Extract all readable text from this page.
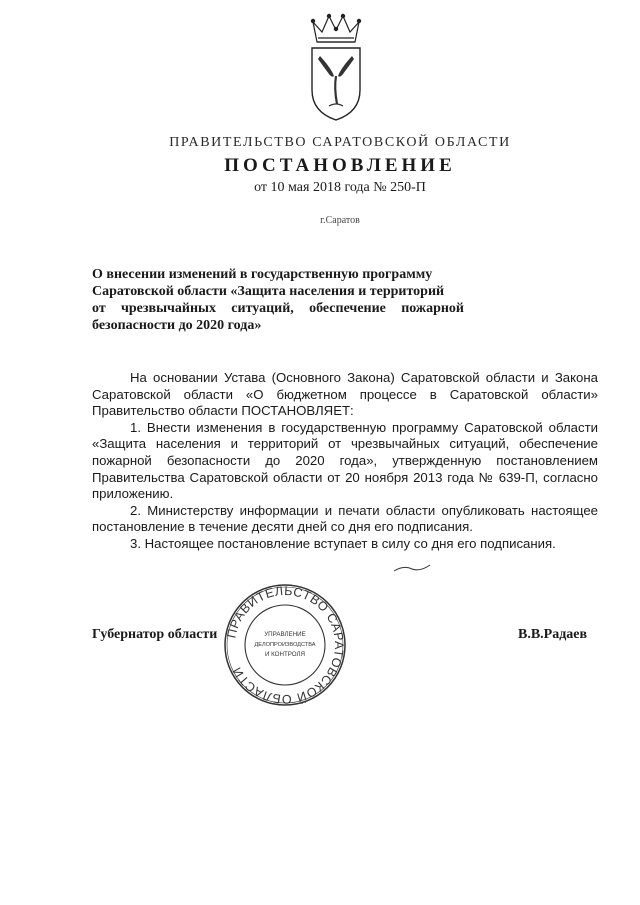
ПРАВИТЕЛЬСТВО САРАТОВСКОЙ ОБЛАСТИ
ПОСТАНОВЛЕНИЕ
от 10 мая 2018 года № 250-П
г.Саратов
О внесении изменений в государственную программу
Саратовской области «Защита населения и территорий
от чрезвычайных ситуаций, обеспечение пожарной
безопасности до 2020 года»

На основании Устава (Основного Закона) Саратовской области и Закона Саратовской области «О бюджетном процессе в Саратовской области» Правительство области ПОСТАНОВЛЯЕТ:

1. Внести изменения в государственную программу Саратовской области «Защита населения и территорий от чрезвычайных ситуаций, обеспечение пожарной безопасности до 2020 года», утвержденную постановлением Правительства Саратовской области от 20 ноября 2013 года № 639-П, согласно приложению.

2. Министерству информации и печати области опубликовать настоящее постановление в течение десяти дней со дня его подписания.

3. Настоящее постановление вступает в силу со дня его подписания.

ПРАВИТЕЛЬСТВО САРАТОВСКОЙ ОБЛАСТИ
УПРАВЛЕНИЕ
ДЕЛОПРОИЗВОДСТВА
И КОНТРОЛЯ
Губернатор области	В.В.Радаев
